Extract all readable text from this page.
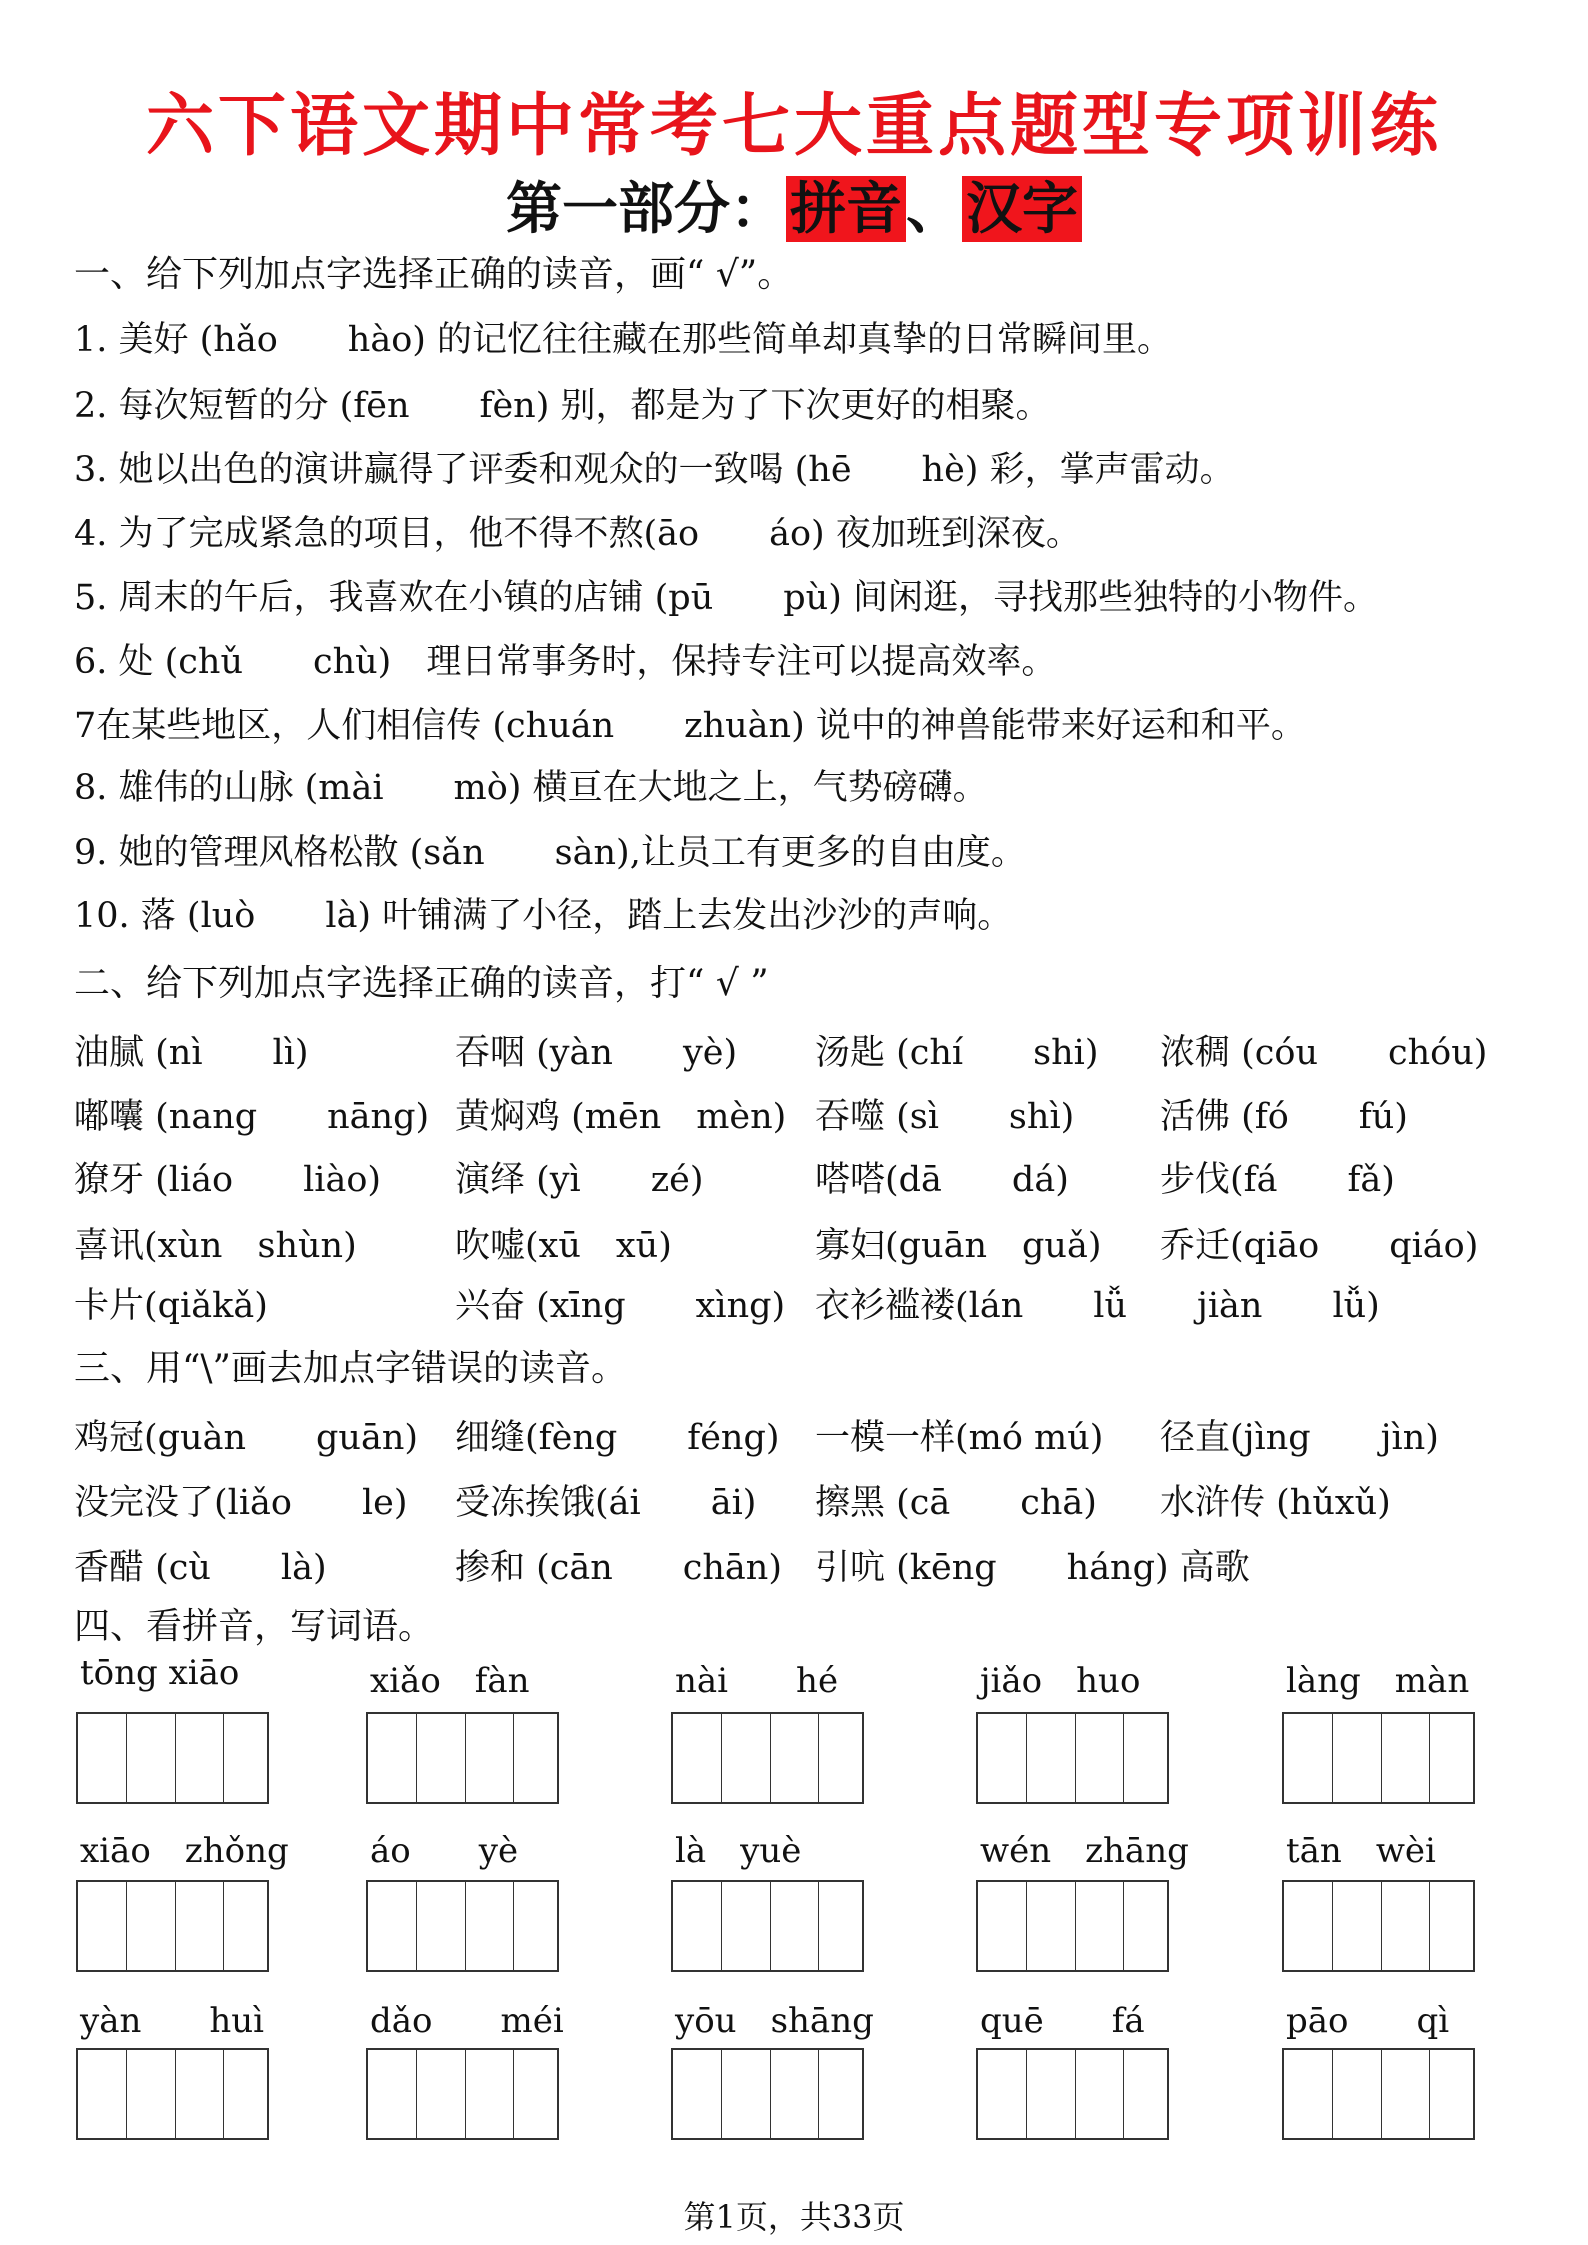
六下语文期中常考七大重点题型专项训练
第一部分：拼音、汉字
一、给下列加点字选择正确的读音，画“ √”。
1. 美好 (hǎo　　hào) 的记忆往往藏在那些简单却真挚的日常瞬间里。
2. 每次短暂的分 (fēn　　fèn) 别，都是为了下次更好的相聚。
3. 她以出色的演讲赢得了评委和观众的一致喝 (hē　　hè) 彩，掌声雷动。
4. 为了完成紧急的项目，他不得不熬(āo　　áo) 夜加班到深夜。
5. 周末的午后，我喜欢在小镇的店铺 (pū　　pù) 间闲逛，寻找那些独特的小物件。
6. 处 (chǔ　　chù)　理日常事务时，保持专注可以提高效率。
7在某些地区，人们相信传 (chuán　　zhuàn) 说中的神兽能带来好运和和平。
8. 雄伟的山脉 (mài　　mò) 横亘在大地之上，气势磅礴。
9. 她的管理风格松散 (sǎn　　sàn),让员工有更多的自由度。
10. 落 (luò　　là) 叶铺满了小径，踏上去发出沙沙的声响。
二、给下列加点字选择正确的读音，打“ √ ”
油腻 (nì　　lì)	吞咽 (yàn　　yè) 汤匙 (chí　　shi) 浓稠 (cóu　　chóu)
嘟囔 (nang　　nāng) 黄焖鸡 (mēn　mèn) 吞噬 (sì　　shì) 活佛 (fó　　fú)
獠牙 (liáo　　liào) 演绎 (yì　　zé)	嗒嗒(dā　　dá)	步伐(fá　　fǎ)
喜讯(xùn　shùn)	吹嘘(xū　xū)	寡妇(guān　guǎ) 乔迁(qiāo　　qiáo)
卡片(qiǎkǎ)	兴奋 (xīng　　xìng) 衣衫褴褛(lán　　lǚ　　jiàn　　lǚ)
三、用“\”画去加点字错误的读音。
鸡冠(guàn　　guān) 细缝(fèng　　féng) 一模一样(mó mú) 径直(jìng　　jìn)
没完没了(liǎo　　le) 受冻挨饿(ái　　āi) 擦黑 (cā　　chā) 水浒传 (hǔxǔ)
香醋 (cù　　là)	掺和 (cān　　chān) 引吭 (kēng　　háng) 高歌
四、看拼音，写词语。
tōng xiāo	xiǎo　fàn	nài　　hé	jiǎo　huo	làng　màn
xiāo　zhǒng áo　　yè	là　yuè	wén　zhāng	tān　wèi
yàn　　huì	dǎo　　méi	yōu　shāng	quē　　fá	pāo　　qì
第1页，共33页
